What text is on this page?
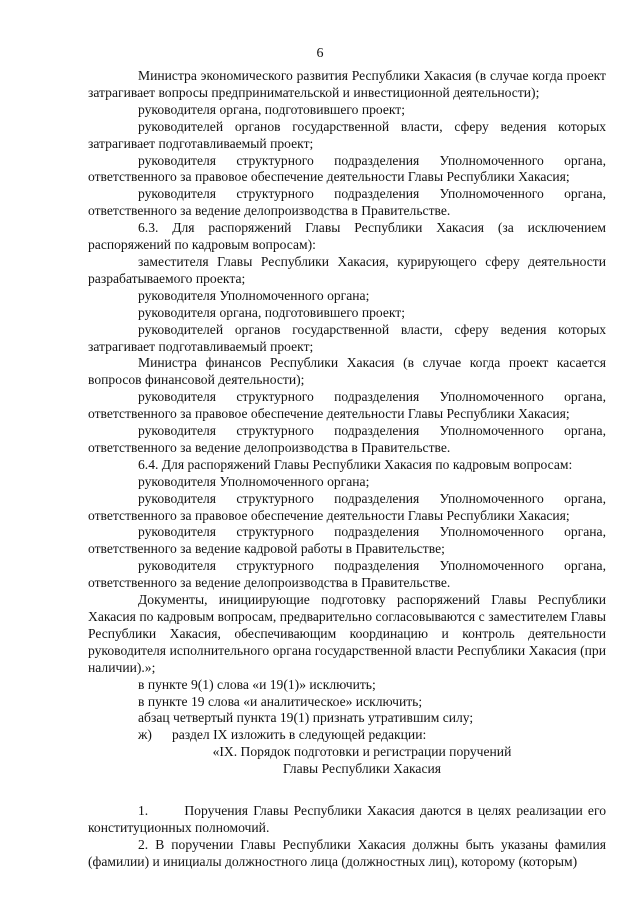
6

Министра экономического развития Республики Хакасия (в случае когда проект затрагивает вопросы предпринимательской и инвестиционной деятельности);

руководителя органа, подготовившего проект;

руководителей органов государственной власти, сферу ведения которых затрагивает подготавливаемый проект;

руководителя структурного подразделения Уполномоченного органа, ответственного за правовое обеспечение деятельности Главы Республики Хакасия;

руководителя структурного подразделения Уполномоченного органа, ответственного за ведение делопроизводства в Правительстве.

6.3. Для распоряжений Главы Республики Хакасия (за исключением распоряжений по кадровым вопросам):

заместителя Главы Республики Хакасия, курирующего сферу деятельности разрабатываемого проекта;

руководителя Уполномоченного органа;

руководителя органа, подготовившего проект;

руководителей органов государственной власти, сферу ведения которых затрагивает подготавливаемый проект;

Министра финансов Республики Хакасия (в случае когда проект касается вопросов финансовой деятельности);

руководителя структурного подразделения Уполномоченного органа, ответственного за правовое обеспечение деятельности Главы Республики Хакасия;

руководителя структурного подразделения Уполномоченного органа, ответственного за ведение делопроизводства в Правительстве.

6.4. Для распоряжений Главы Республики Хакасия по кадровым вопросам:

руководителя Уполномоченного органа;

руководителя структурного подразделения Уполномоченного органа, ответственного за правовое обеспечение деятельности Главы Республики Хакасия;

руководителя структурного подразделения Уполномоченного органа, ответственного за ведение кадровой работы в Правительстве;

руководителя структурного подразделения Уполномоченного органа, ответственного за ведение делопроизводства в Правительстве.

Документы, инициирующие подготовку распоряжений Главы Республики Хакасия по кадровым вопросам, предварительно согласовываются с заместителем Главы Республики Хакасия, обеспечивающим координацию и контроль деятельности руководителя исполнительного органа государственной власти Республики Хакасия (при наличии).»;

в пункте 9(1) слова «и 19(1)» исключить;

в пункте 19 слова «и аналитическое» исключить;

абзац четвертый пункта 19(1) признать утратившим силу;

ж)	раздел IX изложить в следующей редакции:

«IX. Порядок подготовки и регистрации поручений

Главы Республики Хакасия

1.	Поручения Главы Республики Хакасия даются в целях реализации его конституционных полномочий.

2. В поручении Главы Республики Хакасия должны быть указаны фамилия (фамилии) и инициалы должностного лица (должностных лиц), которому (которым)
